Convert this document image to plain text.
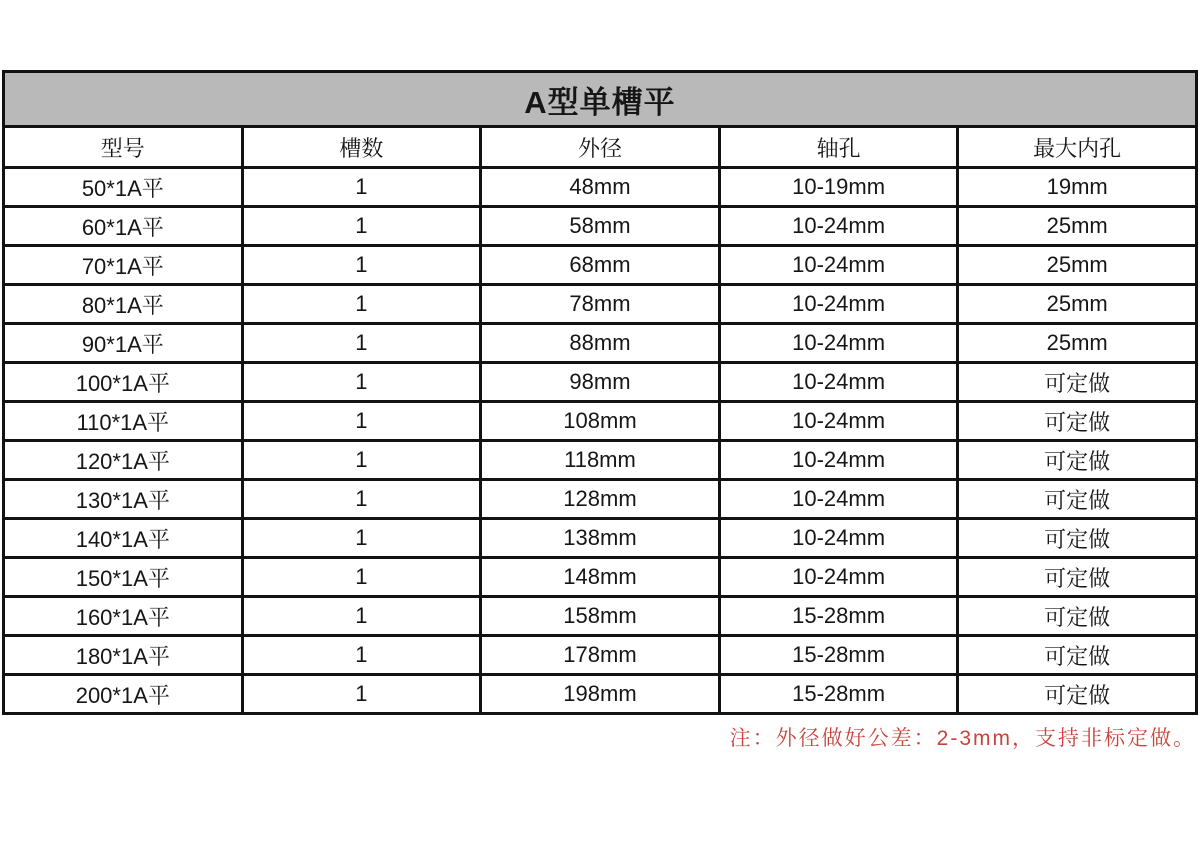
A型单槽平				
型号	槽数	外径	轴孔	最大内孔
50*1A平	1	48mm	10-19mm	19mm
60*1A平	1	58mm	10-24mm	25mm
70*1A平	1	68mm	10-24mm	25mm
80*1A平	1	78mm	10-24mm	25mm
90*1A平	1	88mm	10-24mm	25mm
100*1A平	1	98mm	10-24mm	可定做
110*1A平	1	108mm	10-24mm	可定做
120*1A平	1	118mm	10-24mm	可定做
130*1A平	1	128mm	10-24mm	可定做
140*1A平	1	138mm	10-24mm	可定做
150*1A平	1	148mm	10-24mm	可定做
160*1A平	1	158mm	15-28mm	可定做
180*1A平	1	178mm	15-28mm	可定做
200*1A平	1	198mm	15-28mm	可定做
注：外径做好公差：2-3mm，支持非标定做。
